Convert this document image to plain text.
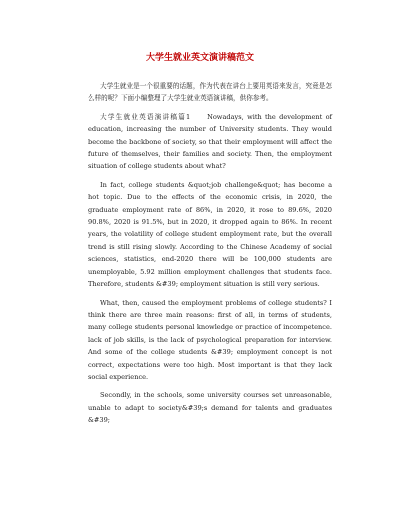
大学生就业英文演讲稿范文

大学生就业是一个很重要的话题，作为代表在讲台上要用英语来发言，究竟是怎么样的呢？下面小编整理了大学生就业英语演讲稿，供你参考。

大学生就业英语演讲稿篇1　　Nowadays, with the development of education, increasing the number of University students. They would become the backbone of society, so that their employment will affect the future of themselves, their families and society. Then, the employment situation of college students about what?

In fact, college students &quot;job challenge&quot; has become a hot topic. Due to the effects of the economic crisis, in 2020, the graduate employment rate of 86%, in 2020, it rose to 89.6%, 2020 90.8%, 2020 is 91.5%, but in 2020, it dropped again to 86%. In recent years, the volatility of college student employment rate, but the overall trend is still rising slowly. According to the Chinese Academy of social sciences, statistics, end-2020 there will be 100,000 students are unemployable, 5.92 million employment challenges that students face. Therefore, students &#39; employment situation is still very serious.

What, then, caused the employment problems of college students? I think there are three main reasons: first of all, in terms of students, many college students personal knowledge or practice of incompetence. lack of job skills, is the lack of psychological preparation for interview. And some of the college students &#39; employment concept is not correct, expectations were too high. Most important is that they lack social experience.

Secondly, in the schools, some university courses set unreasonable, unable to adapt to society&#39;s demand for talents and graduates &#39;
